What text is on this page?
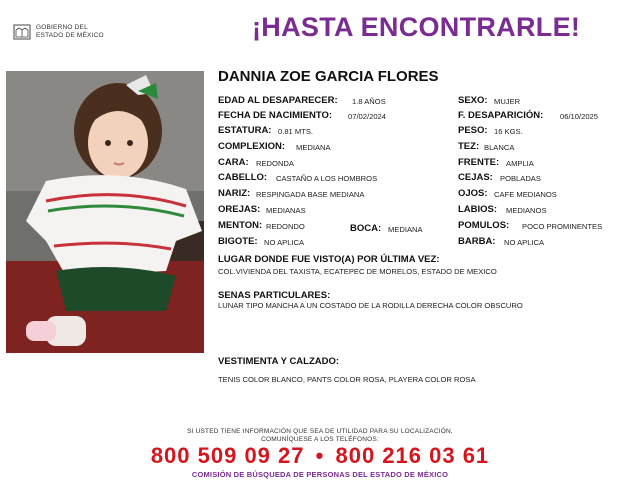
GOBIERNO DEL
ESTADO DE MÉXICO	¡HASTA ENCONTRARLE!
DANNIA ZOE GARCIA FLORES
EDAD AL DESAPARECER: 1.8 AÑOS
FECHA DE NACIMIENTO: 07/02/2024
ESTATURA: 0.81 MTS.
COMPLEXION: MEDIANA
CARA: REDONDA
CABELLO: CASTAÑO A LOS HOMBROS
NARIZ: RESPINGADA BASE MEDIANA
OREJAS: MEDIANAS
MENTON: REDONDO	BOCA: MEDIANA
BIGOTE: NO APLICA
SEXO: MUJER
F. DESAPARICIÓN: 06/10/2025
PESO: 16 KGS.
TEZ: BLANCA
FRENTE: AMPLIA
CEJAS: POBLADAS
OJOS: CAFE MEDIANOS
LABIOS: MEDIANOS
POMULOS: POCO PROMINENTES
BARBA: NO APLICA
LUGAR DONDE FUE VISTO(A) POR ÚLTIMA VEZ:
COL.VIVIENDA DEL TAXISTA, ECATEPEC DE MORELOS, ESTADO DE MEXICO
SENAS PARTICULARES:
LUNAR TIPO MANCHA A UN COSTADO DE LA RODILLA DERECHA COLOR OBSCURO
VESTIMENTA Y CALZADO:
TENIS COLOR BLANCO, PANTS COLOR ROSA, PLAYERA COLOR ROSA
SI USTED TIENE INFORMACIÓN QUE SEA DE UTILIDAD PARA SU LOCALIZACIÓN,
COMUNÍQUESE A LOS TELÉFONOS:
800 509 09 27 • 800 216 03 61
COMISIÓN DE BÚSQUEDA DE PERSONAS DEL ESTADO DE MÉXICO
